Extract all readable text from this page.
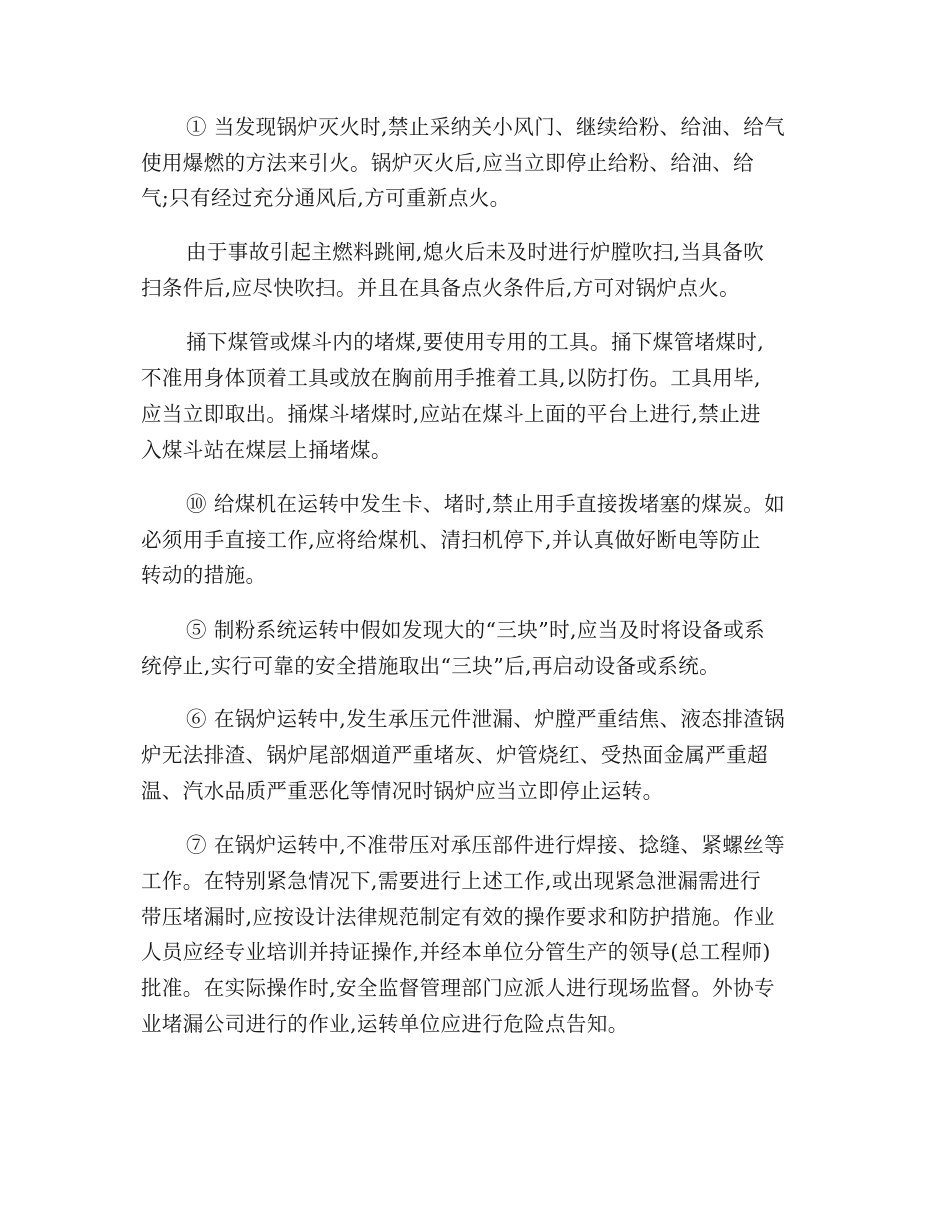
① 当发现锅炉灭火时,禁止采纳关小风门、继续给粉、给油、给气
使用爆燃的方法来引火。锅炉灭火后,应当立即停止给粉、给油、给
气;只有经过充分通风后,方可重新点火。
由于事故引起主燃料跳闸,熄火后未及时进行炉膛吹扫,当具备吹
扫条件后,应尽快吹扫。并且在具备点火条件后,方可对锅炉点火。
捅下煤管或煤斗内的堵煤,要使用专用的工具。捅下煤管堵煤时,
不准用身体顶着工具或放在胸前用手推着工具,以防打伤。工具用毕,
应当立即取出。捅煤斗堵煤时,应站在煤斗上面的平台上进行,禁止进
入煤斗站在煤层上捅堵煤。
⑩ 给煤机在运转中发生卡、堵时,禁止用手直接拨堵塞的煤炭。如
必须用手直接工作,应将给煤机、清扫机停下,并认真做好断电等防止
转动的措施。
⑤ 制粉系统运转中假如发现大的“三块”时,应当及时将设备或系
统停止,实行可靠的安全措施取出“三块”后,再启动设备或系统。
⑥ 在锅炉运转中,发生承压元件泄漏、炉膛严重结焦、液态排渣锅
炉无法排渣、锅炉尾部烟道严重堵灰、炉管烧红、受热面金属严重超
温、汽水品质严重恶化等情况时锅炉应当立即停止运转。
⑦ 在锅炉运转中,不准带压对承压部件进行焊接、捻缝、紧螺丝等
工作。在特别紧急情况下,需要进行上述工作,或出现紧急泄漏需进行
带压堵漏时,应按设计法律规范制定有效的操作要求和防护措施。作业
人员应经专业培训并持证操作,并经本单位分管生产的领导(总工程师)
批准。在实际操作时,安全监督管理部门应派人进行现场监督。外协专
业堵漏公司进行的作业,运转单位应进行危险点告知。
